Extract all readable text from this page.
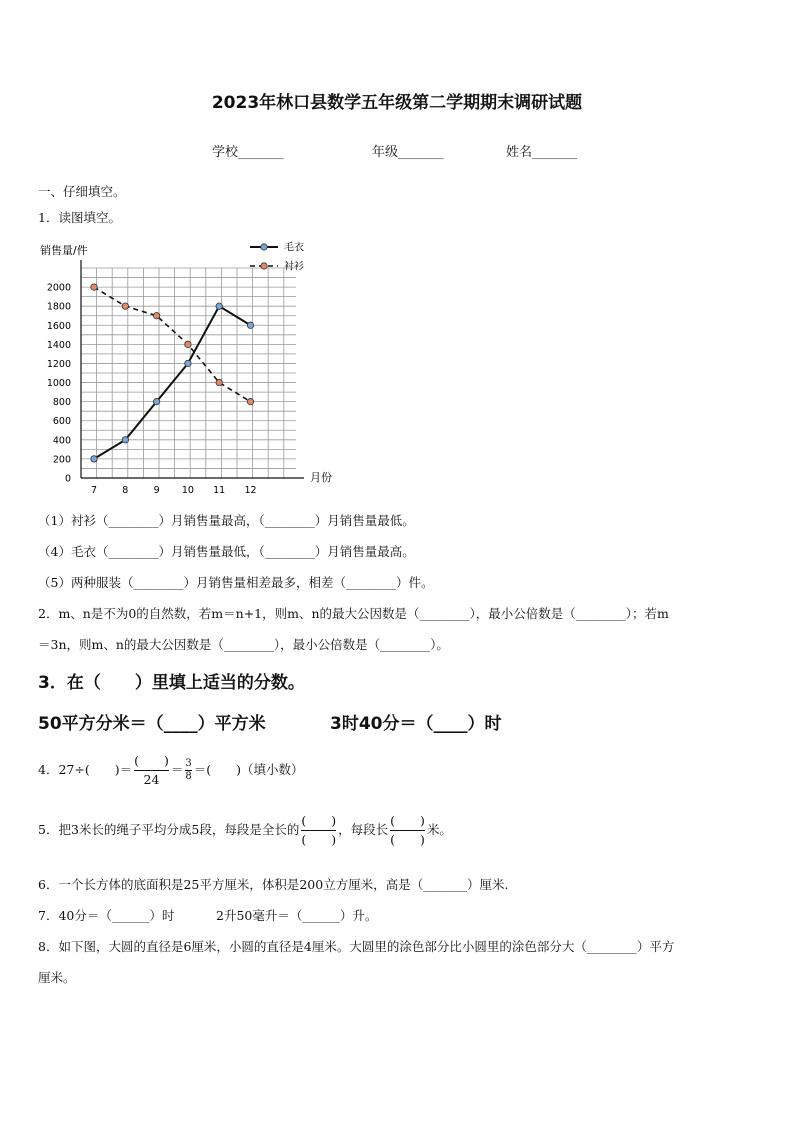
2023年林口县数学五年级第二学期期末调研试题
学校_______	年级_______	姓名_______
一、仔细填空。
1．读图填空。
0
200
400
600
800
1000
1200
1400
1600
1800
2000
7	8	9 10 11 12
毛衣
衬衫
销售量/件
月份
（1）衬衫（________）月销售量最高，（________）月销售量最低。
（4）毛衣（________）月销售量最低，（________）月销售量最高。
（5）两种服装（________）月销售量相差最多，相差（________）件。
2．m、n是不为0的自然数，若m＝n+1，则m、n的最大公因数是（________），最小公倍数是（________）；若m
＝3n，则m、n的最大公因数是（________），最小公倍数是（________）。
3．在（　　）里填上适当的分数。
50平方分米＝（____）平方米	3时40分＝（____）时
4．27÷(　　)＝ $\frac{( )}{24} = \frac{3}{8}$ ＝(　　)（填小数）
5．把3米长的绳子平均分成5段，每段是全长的 $\frac{( )}{( )}$ ，每段长 $\frac{( )}{( )}$ 米。
6．一个长方体的底面积是25平方厘米，体积是200立方厘米，高是（_______）厘米.
7．40分＝（______）时	2升50毫升＝（______）升。
8．如下图，大圆的直径是6厘米，小圆的直径是4厘米。大圆里的涂色部分比小圆里的涂色部分大（________）平方
厘米。
